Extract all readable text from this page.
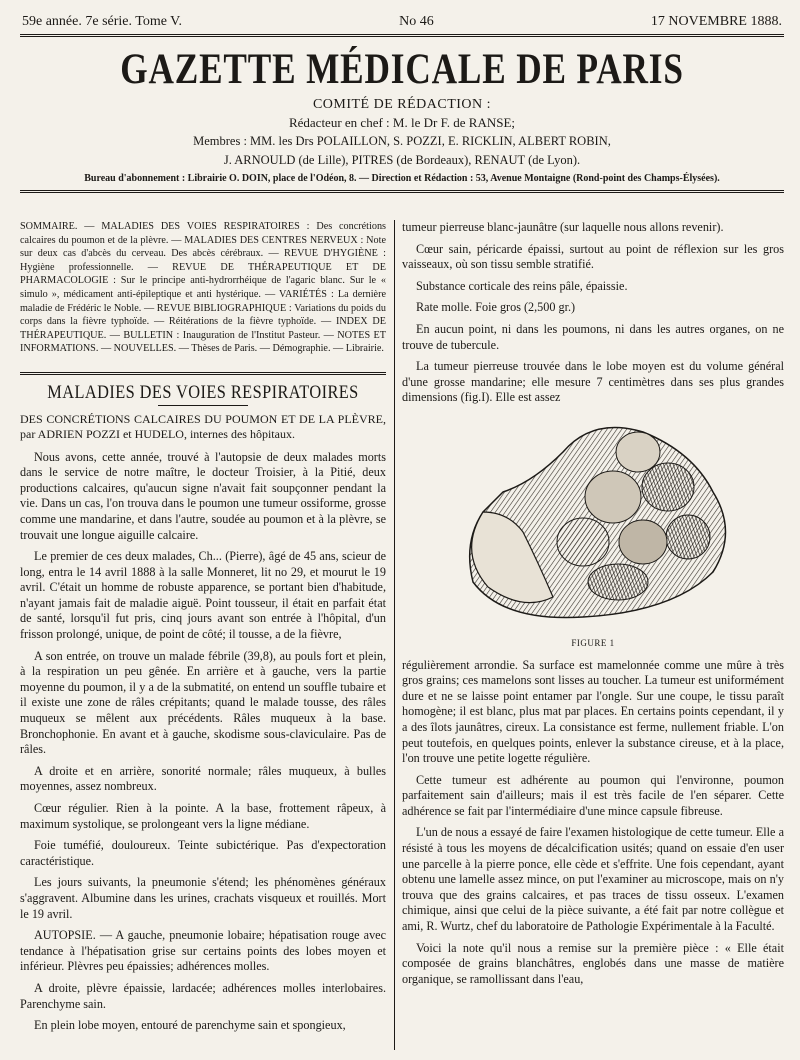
59e année. 7e série. Tome V.	No 46	17 NOVEMBRE 1888.
GAZETTE MÉDICALE DE PARIS
COMITÉ DE RÉDACTION :
Rédacteur en chef : M. le Dr F. de RANSE;
Membres : MM. les Drs POLAILLON, S. POZZI, E. RICKLIN, ALBERT ROBIN,
J. ARNOULD (de Lille), PITRES (de Bordeaux), RENAUT (de Lyon).
Bureau d'abonnement : Librairie O. DOIN, place de l'Odéon, 8. — Direction et Rédaction : 53, Avenue Montaigne (Rond-point des Champs-Élysées).
SOMMAIRE. — MALADIES DES VOIES RESPIRATOIRES : Des concrétions calcaires du poumon et de la plèvre. — MALADIES DES CENTRES NERVEUX : Note sur deux cas d'abcès du cerveau. Des abcès cérébraux. — REVUE D'HYGIÈNE : Hygiène professionnelle. — REVUE DE THÉRAPEUTIQUE ET DE PHARMACOLOGIE : Sur le principe anti-hydrorrhéique de l'agaric blanc. Sur le « simulo », médicament anti-épileptique et anti hystérique. — VARIÉTÉS : La dernière maladie de Frédéric le Noble. — REVUE BIBLIOGRAPHIQUE : Variations du poids du corps dans la fièvre typhoïde. — Réitérations de la fièvre typhoïde. — INDEX DE THÉRAPEUTIQUE. — BULLETIN : Inauguration de l'Institut Pasteur. — NOTES ET INFORMATIONS. — NOUVELLES. — Thèses de Paris. — Démographie. — Librairie.
MALADIES DES VOIES RESPIRATOIRES
DES CONCRÉTIONS CALCAIRES DU POUMON ET DE LA PLÈVRE, par ADRIEN POZZI et HUDELO, internes des hôpitaux.

Nous avons, cette année, trouvé à l'autopsie de deux malades morts dans le service de notre maître, le docteur Troisier, à la Pitié, deux productions calcaires, qu'aucun signe n'avait fait soupçonner pendant la vie. Dans un cas, l'on trouva dans le poumon une tumeur ossiforme, grosse comme une mandarine, et dans l'autre, soudée au poumon et à la plèvre, se trouvait une longue aiguille calcaire.

Le premier de ces deux malades, Ch... (Pierre), âgé de 45 ans, scieur de long, entra le 14 avril 1888 à la salle Monneret, lit no 29, et mourut le 19 avril. C'était un homme de robuste apparence, se portant bien d'habitude, n'ayant jamais fait de maladie aiguë. Point tousseur, il était en parfait état de santé, lorsqu'il fut pris, cinq jours avant son entrée à l'hôpital, d'un frisson prolongé, unique, de point de côté; il tousse, a de la fièvre,

A son entrée, on trouve un malade fébrile (39,8), au pouls fort et plein, à la respiration un peu gênée. En arrière et à gauche, vers la partie moyenne du poumon, il y a de la submatité, on entend un souffle tubaire et il existe une zone de râles crépitants; quand le malade tousse, des râles muqueux se mêlent aux précédents. Râles muqueux à la base. Bronchophonie. En avant et à gauche, skodisme sous-claviculaire. Pas de râles.

A droite et en arrière, sonorité normale; râles muqueux, à bulles moyennes, assez nombreux.

Cœur régulier. Rien à la pointe. A la base, frottement râpeux, à maximum systolique, se prolongeant vers la ligne médiane.

Foie tuméfié, douloureux. Teinte subictérique. Pas d'expectoration caractéristique.

Les jours suivants, la pneumonie s'étend; les phénomènes généraux s'aggravent. Albumine dans les urines, crachats visqueux et rouillés. Mort le 19 avril.

AUTOPSIE. — A gauche, pneumonie lobaire; hépatisation rouge avec tendance à l'hépatisation grise sur certains points des lobes moyen et inférieur. Plèvres peu épaissies; adhérences molles.

A droite, plèvre épaissie, lardacée; adhérences molles interlobaires. Parenchyme sain.

En plein lobe moyen, entouré de parenchyme sain et spongieux,

tumeur pierreuse blanc-jaunâtre (sur laquelle nous allons revenir).

Cœur sain, péricarde épaissi, surtout au point de réflexion sur les gros vaisseaux, où son tissu semble stratifié.

Substance corticale des reins pâle, épaissie.

Rate molle. Foie gros (2,500 gr.)

En aucun point, ni dans les poumons, ni dans les autres organes, on ne trouve de tubercule.

La tumeur pierreuse trouvée dans le lobe moyen est du volume général d'une grosse mandarine; elle mesure 7 centimètres dans ses plus grandes dimensions (fig.I). Elle est assez

FIGURE 1

régulièrement arrondie. Sa surface est mamelonnée comme une mûre à très gros grains; ces mamelons sont lisses au toucher. La tumeur est uniformément dure et ne se laisse point entamer par l'ongle. Sur une coupe, le tissu paraît homogène; il est blanc, plus mat par places. En certains points cependant, il y a des îlots jaunâtres, cireux. La consistance est ferme, nullement friable. L'on peut toutefois, en quelques points, enlever la substance cireuse, et à la place, l'on trouve une petite logette régulière.

Cette tumeur est adhérente au poumon qui l'environne, poumon parfaitement sain d'ailleurs; mais il est très facile de l'en séparer. Cette adhérence se fait par l'intermédiaire d'une mince capsule fibreuse.

L'un de nous a essayé de faire l'examen histologique de cette tumeur. Elle a résisté à tous les moyens de décalcification usités; quand on essaie d'en user une parcelle à la pierre ponce, elle cède et s'effrite. Une fois cependant, ayant obtenu une lamelle assez mince, on put l'examiner au microscope, mais on n'y trouva que des grains calcaires, et pas traces de tissu osseux. L'examen chimique, ainsi que celui de la pièce suivante, a été fait par notre collègue et ami, R. Wurtz, chef du laboratoire de Pathologie Expérimentale à la Faculté.

Voici la note qu'il nous a remise sur la première pièce : « Elle était composée de grains blanchâtres, englobés dans une masse de matière organique, se ramollissant dans l'eau,
